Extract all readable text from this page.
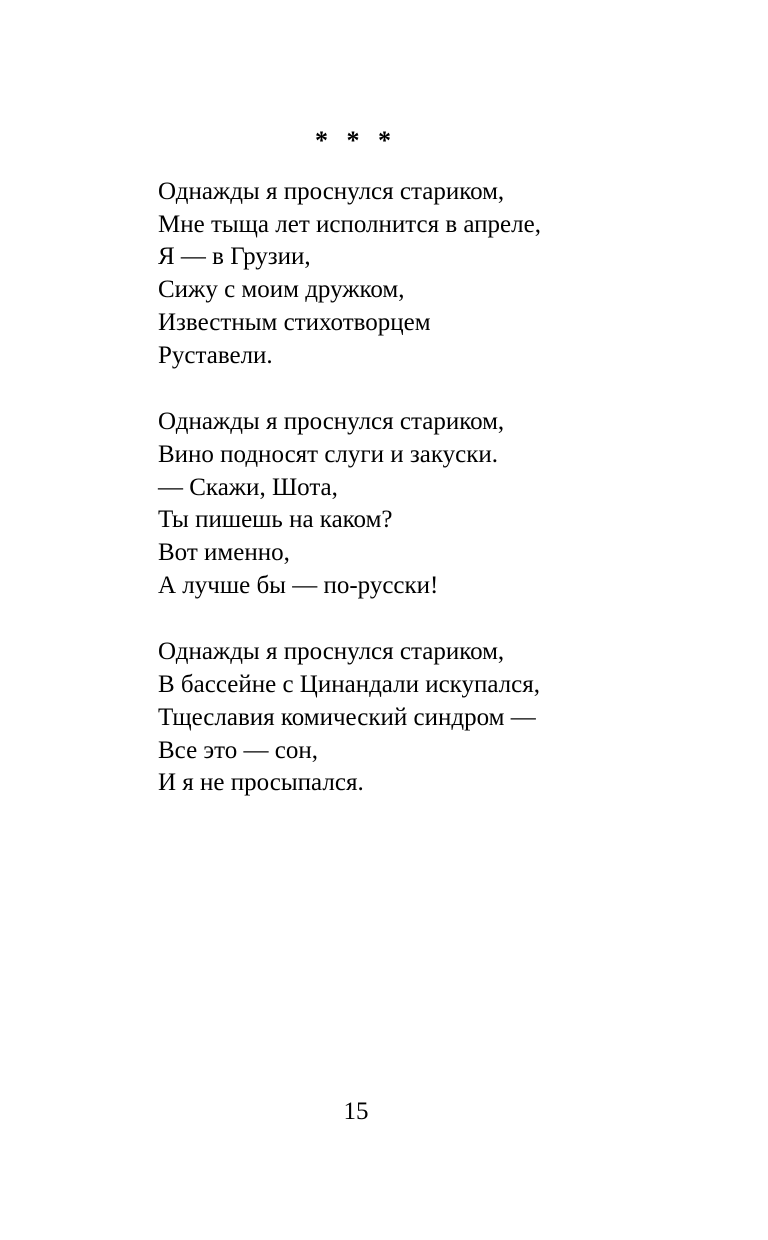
* * *
Однажды я проснулся стариком,
Мне тыща лет исполнится в апреле,
Я — в Грузии,
Сижу с моим дружком,
Известным стихотворцем
Руставели.
Однажды я проснулся стариком,
Вино подносят слуги и закуски.
— Скажи, Шота,
Ты пишешь на каком?
Вот именно,
А лучше бы — по-русски!
Однажды я проснулся стариком,
В бассейне с Цинандали искупался,
Тщеславия комический синдром —
Все это — сон,
И я не просыпался.
15
